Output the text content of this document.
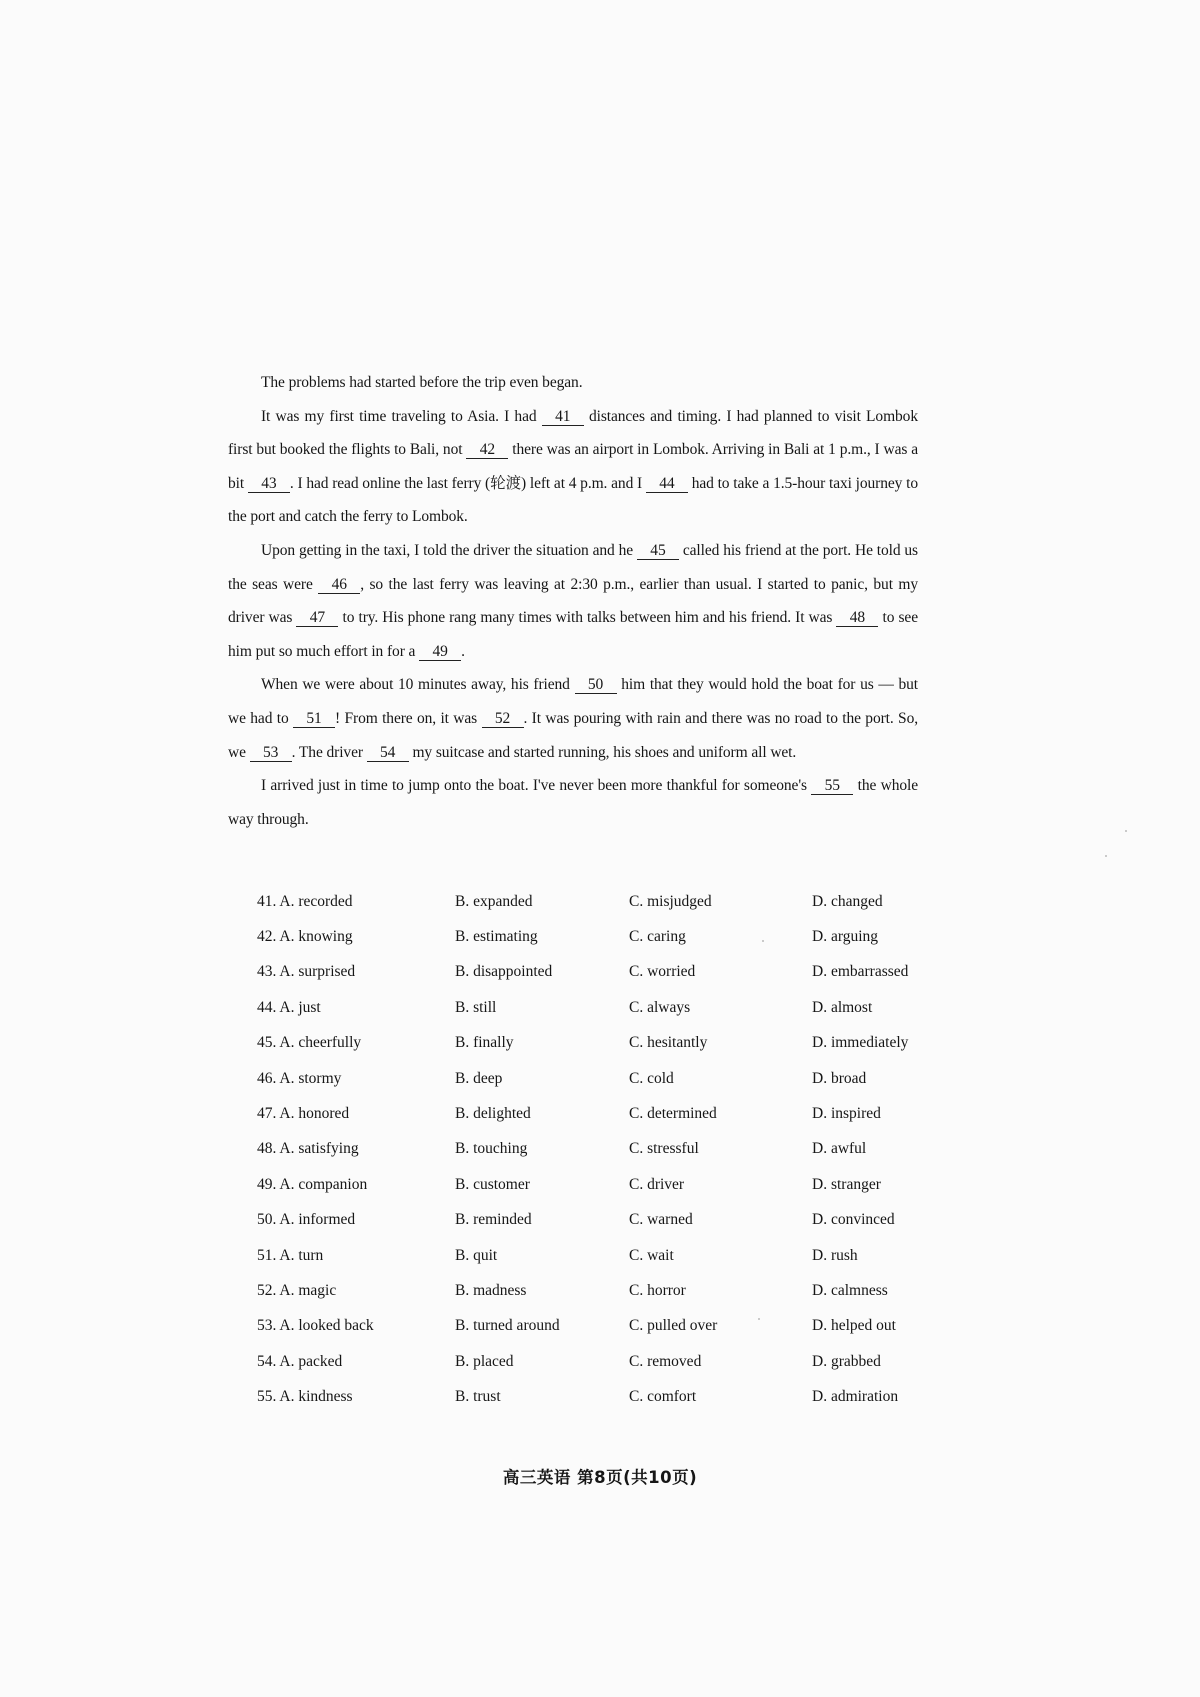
The problems had started before the trip even began.

It was my first time traveling to Asia. I had 41 distances and timing. I had planned to visit Lombok first but booked the flights to Bali, not 42 there was an airport in Lombok. Arriving in Bali at 1 p.m., I was a bit 43 . I had read online the last ferry (轮渡) left at 4 p.m. and I 44 had to take a 1.5-hour taxi journey to the port and catch the ferry to Lombok.

Upon getting in the taxi, I told the driver the situation and he 45 called his friend at the port. He told us the seas were 46 , so the last ferry was leaving at 2:30 p.m., earlier than usual. I started to panic, but my driver was 47 to try. His phone rang many times with talks between him and his friend. It was 48 to see him put so much effort in for a 49 .

When we were about 10 minutes away, his friend 50 him that they would hold the boat for us — but we had to 51 ! From there on, it was 52 . It was pouring with rain and there was no road to the port. So, we 53 . The driver 54 my suitcase and started running, his shoes and uniform all wet.

I arrived just in time to jump onto the boat. I've never been more thankful for someone's 55 the whole way through.

41. A. recorded	B. expanded	C. misjudged	D. changed
42. A. knowing	B. estimating	C. caring	D. arguing
43. A. surprised	B. disappointed	C. worried	D. embarrassed
44. A. just	B. still	C. always	D. almost
45. A. cheerfully	B. finally	C. hesitantly	D. immediately
46. A. stormy	B. deep	C. cold	D. broad
47. A. honored	B. delighted	C. determined	D. inspired
48. A. satisfying	B. touching	C. stressful	D. awful
49. A. companion	B. customer	C. driver	D. stranger
50. A. informed	B. reminded	C. warned	D. convinced
51. A. turn	B. quit	C. wait	D. rush
52. A. magic	B. madness	C. horror	D. calmness
53. A. looked back	B. turned around	C. pulled over	D. helped out
54. A. packed	B. placed	C. removed	D. grabbed
55. A. kindness	B. trust	C. comfort	D. admiration
高三英语 第8页(共10页)
